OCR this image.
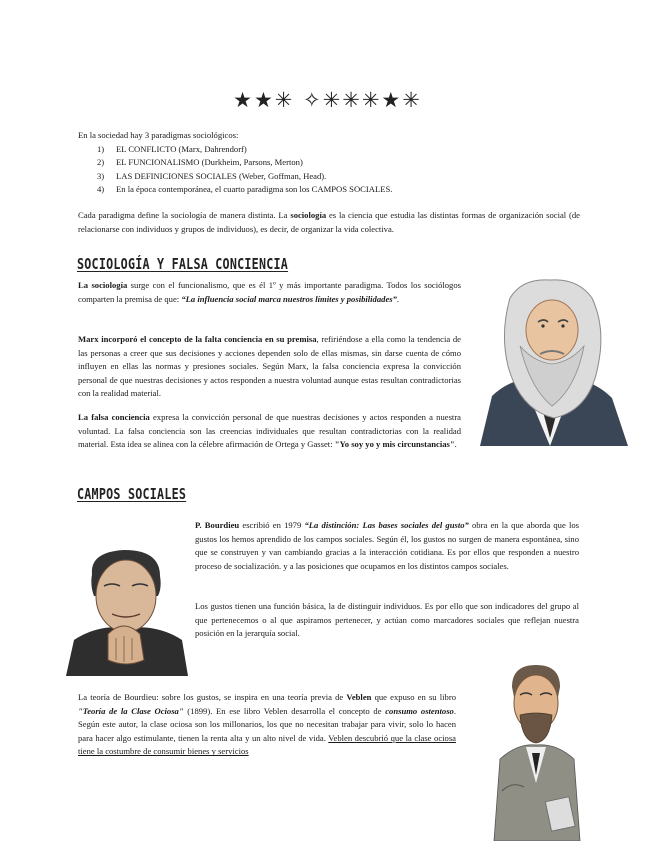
★★✳ ✧✳✳✳★✳
En la sociedad hay 3 paradigmas sociológicos:
1) EL CONFLICTO (Marx, Dahrendorf)
2) EL FUNCIONALISMO (Durkheim, Parsons, Merton)
3) LAS DEFINICIONES SOCIALES (Weber, Goffman, Head).
4) En la época contemporánea, el cuarto paradigma son los CAMPOS SOCIALES.
Cada paradigma define la sociología de manera distinta. La sociología es la ciencia que estudia las distintas formas de organización social (de relacionarse con individuos y grupos de individuos), es decir, de organizar la vida colectiva.
SOCIOLOGÍA Y FALSA CONCIENCIA
La sociología surge con el funcionalismo, que es él 1º y más importante paradigma. Todos los sociólogos comparten la premisa de que: “La influencia social marca nuestros límites y posibilidades”.
Marx incorporó el concepto de la falta conciencia en su premisa, refiriéndose a ella como la tendencia de las personas a creer que sus decisiones y acciones dependen solo de ellas mismas, sin darse cuenta de cómo influyen en ellas las normas y presiones sociales. Según Marx, la falsa conciencia expresa la convicción personal de que nuestras decisiones y actos responden a nuestra voluntad aunque estas resultan contradictorias con la realidad material.
La falsa conciencia expresa la convicción personal de que nuestras decisiones y actos responden a nuestra voluntad. La falsa conciencia son las creencias individuales que resultan contradictorias con la realidad material. Esta idea se alinea con la célebre afirmación de Ortega y Gasset: "Yo soy yo y mis circunstancias".
CAMPOS SOCIALES
P. Bourdieu escribió en 1979 “La distinción: Las bases sociales del gusto” obra en la que aborda que los gustos los hemos aprendido de los campos sociales. Según él, los gustos no surgen de manera espontánea, sino que se construyen y van cambiando gracias a la interacción cotidiana. Es por ellos que responden a nuestro proceso de socialización. y a las posiciones que ocupamos en los distintos campos sociales.
Los gustos tienen una función básica, la de distinguir individuos. Es por ello que son indicadores del grupo al que pertenecemos o al que aspiramos pertenecer, y actúan como marcadores sociales que reflejan nuestra posición en la jerarquía social.
La teoría de Bourdieu: sobre los gustos, se inspira en una teoría previa de Veblen que expuso en su libro "Teoría de la Clase Ociosa" (1899). En ese libro Veblen desarrolla el concepto de consumo ostentoso. Según este autor, la clase ociosa son los millonarios, los que no necesitan trabajar para vivir, solo lo hacen para hacer algo estimulante, tienen la renta alta y un alto nivel de vida. Veblen descubrió que la clase ociosa tiene la costumbre de consumir bienes y servicios
